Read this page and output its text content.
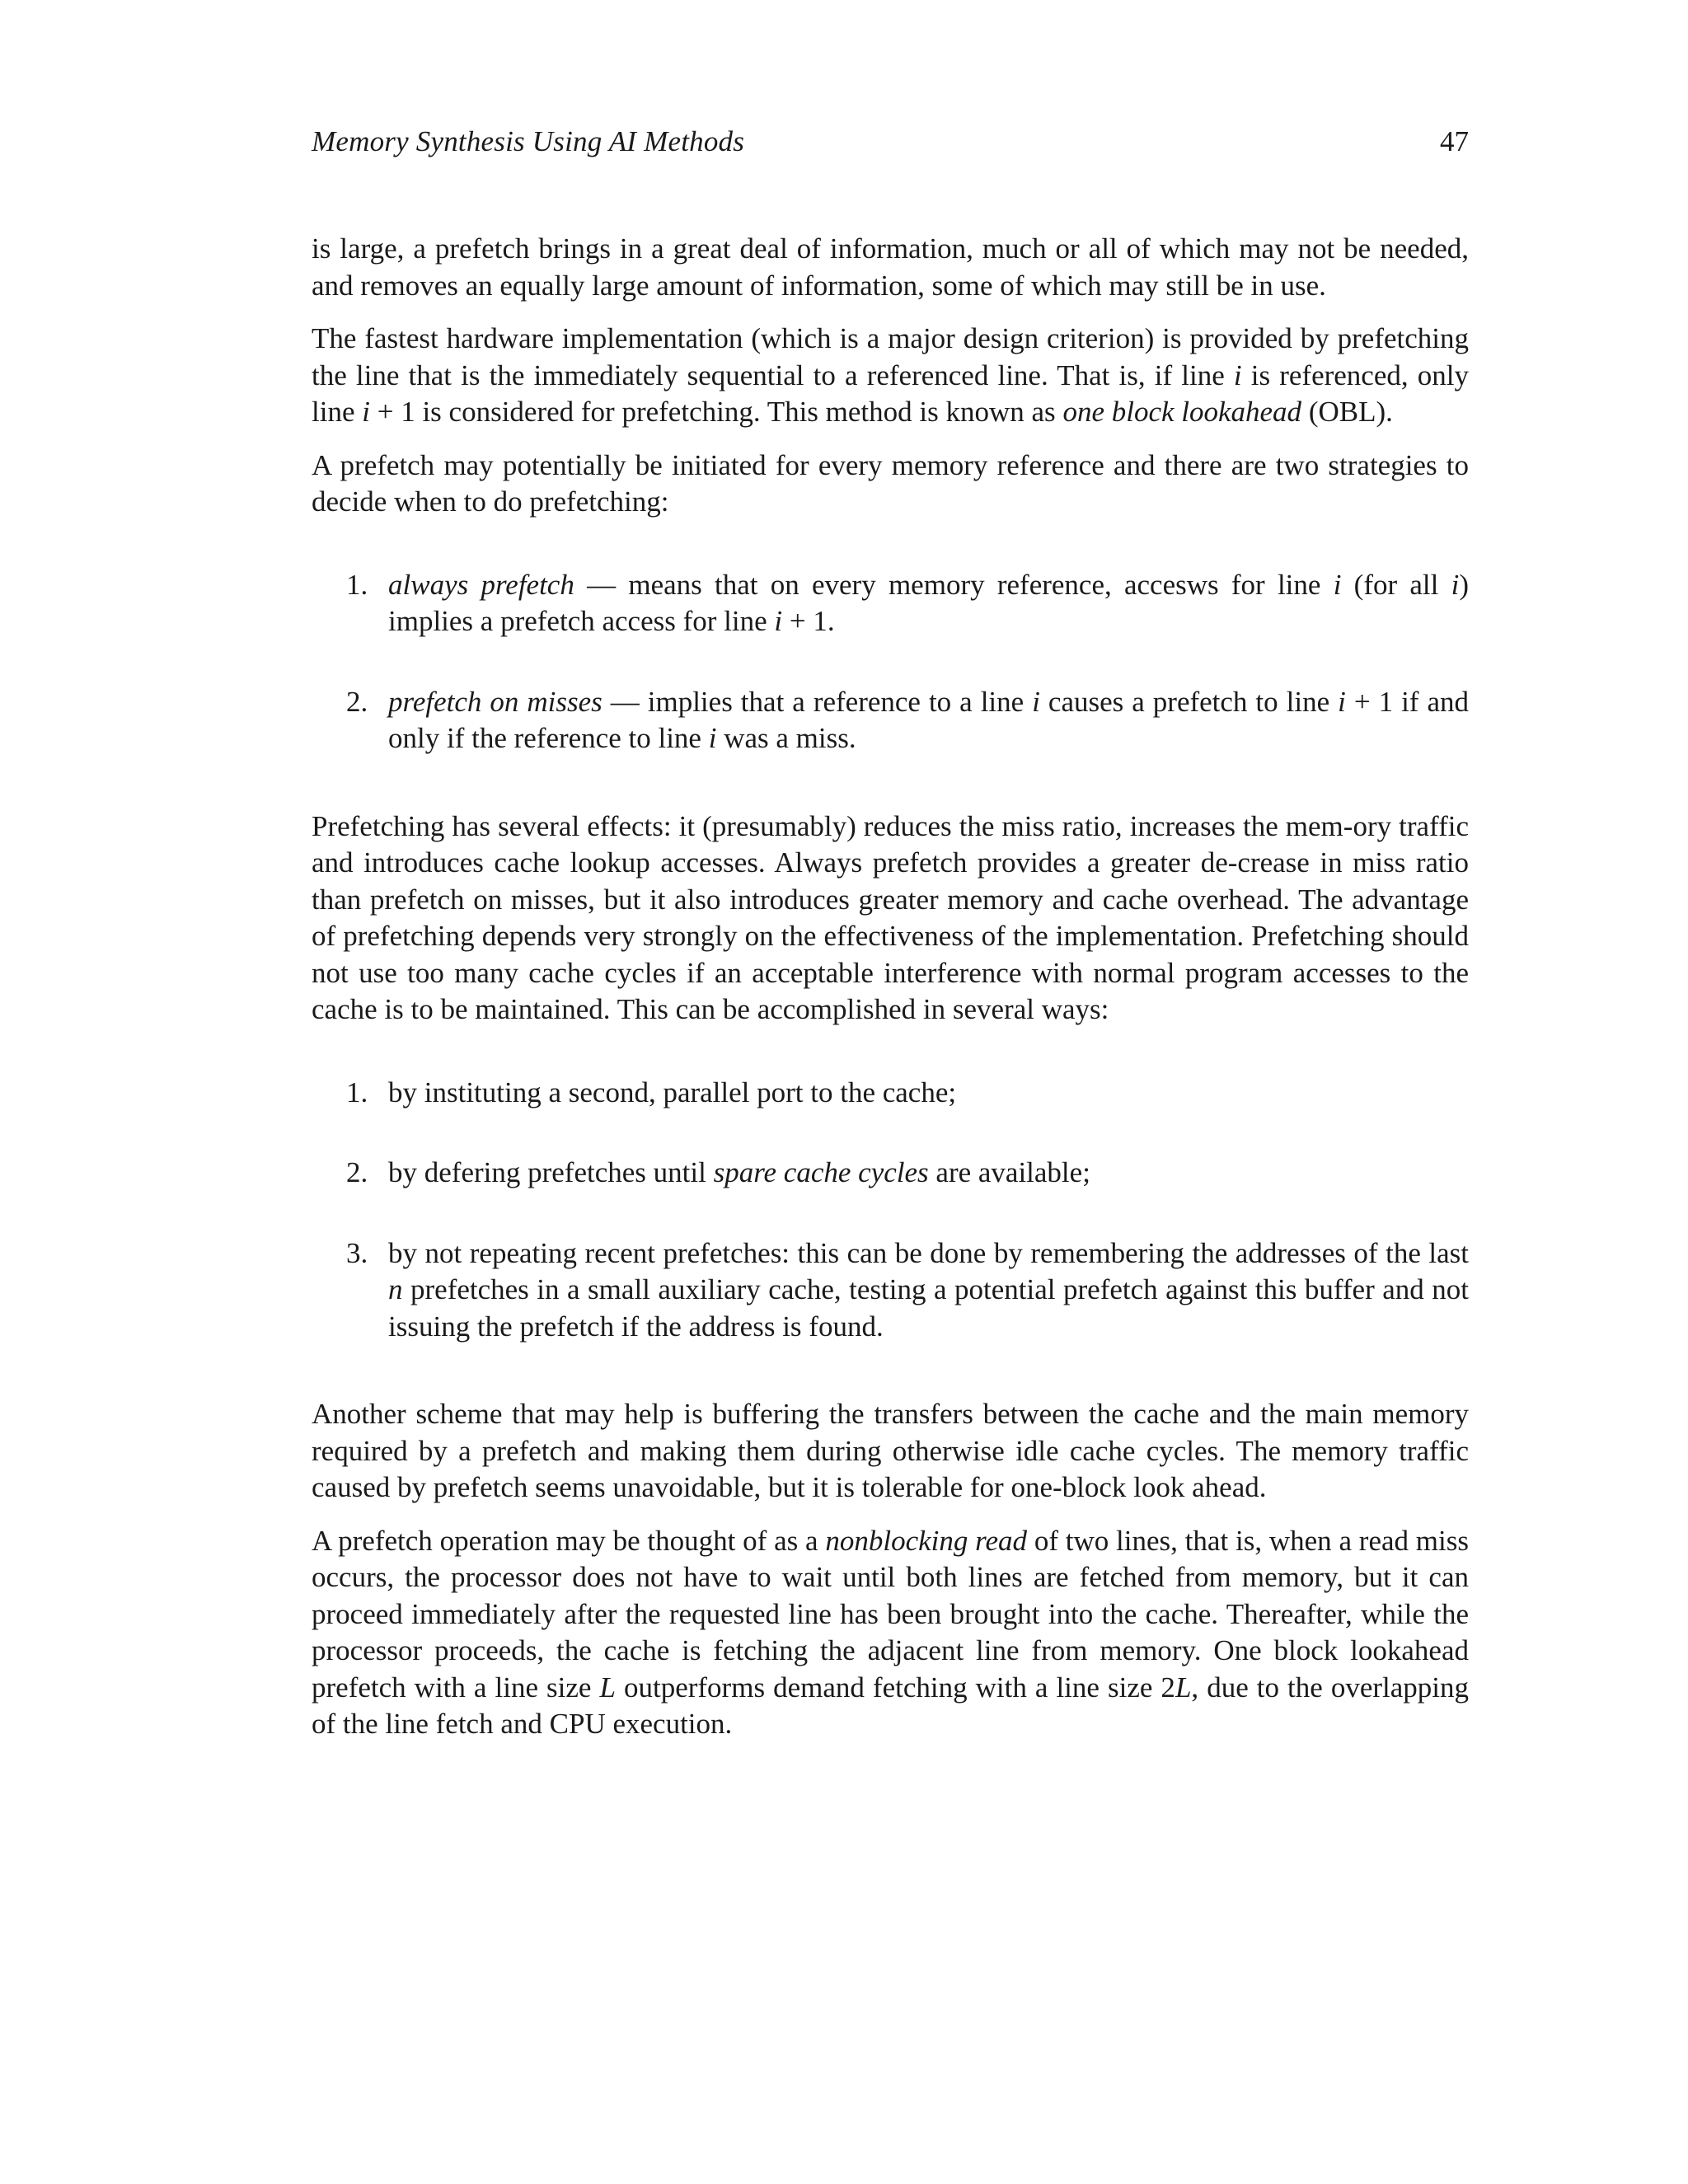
Memory Synthesis Using AI Methods	47

is large, a prefetch brings in a great deal of information, much or all of which may not be needed, and removes an equally large amount of information, some of which may still be in use.

The fastest hardware implementation (which is a major design criterion) is provided by prefetching the line that is the immediately sequential to a referenced line. That is, if line i is referenced, only line i + 1 is considered for prefetching. This method is known as one block lookahead (OBL).

A prefetch may potentially be initiated for every memory reference and there are two strategies to decide when to do prefetching:

1. always prefetch — means that on every memory reference, accesws for line i (for all i) implies a prefetch access for line i + 1.
2. prefetch on misses — implies that a reference to a line i causes a prefetch to line i + 1 if and only if the reference to line i was a miss.

Prefetching has several effects: it (presumably) reduces the miss ratio, increases the mem-ory traffic and introduces cache lookup accesses. Always prefetch provides a greater de-crease in miss ratio than prefetch on misses, but it also introduces greater memory and cache overhead. The advantage of prefetching depends very strongly on the effectiveness of the implementation. Prefetching should not use too many cache cycles if an acceptable interference with normal program accesses to the cache is to be maintained. This can be accomplished in several ways:

1. by instituting a second, parallel port to the cache;
2. by defering prefetches until spare cache cycles are available;
3. by not repeating recent prefetches: this can be done by remembering the addresses of the last n prefetches in a small auxiliary cache, testing a potential prefetch against this buffer and not issuing the prefetch if the address is found.

Another scheme that may help is buffering the transfers between the cache and the main memory required by a prefetch and making them during otherwise idle cache cycles. The memory traffic caused by prefetch seems unavoidable, but it is tolerable for one-block look ahead.

A prefetch operation may be thought of as a nonblocking read of two lines, that is, when a read miss occurs, the processor does not have to wait until both lines are fetched from memory, but it can proceed immediately after the requested line has been brought into the cache. Thereafter, while the processor proceeds, the cache is fetching the adjacent line from memory. One block lookahead prefetch with a line size L outperforms demand fetching with a line size 2L, due to the overlapping of the line fetch and CPU execution.
